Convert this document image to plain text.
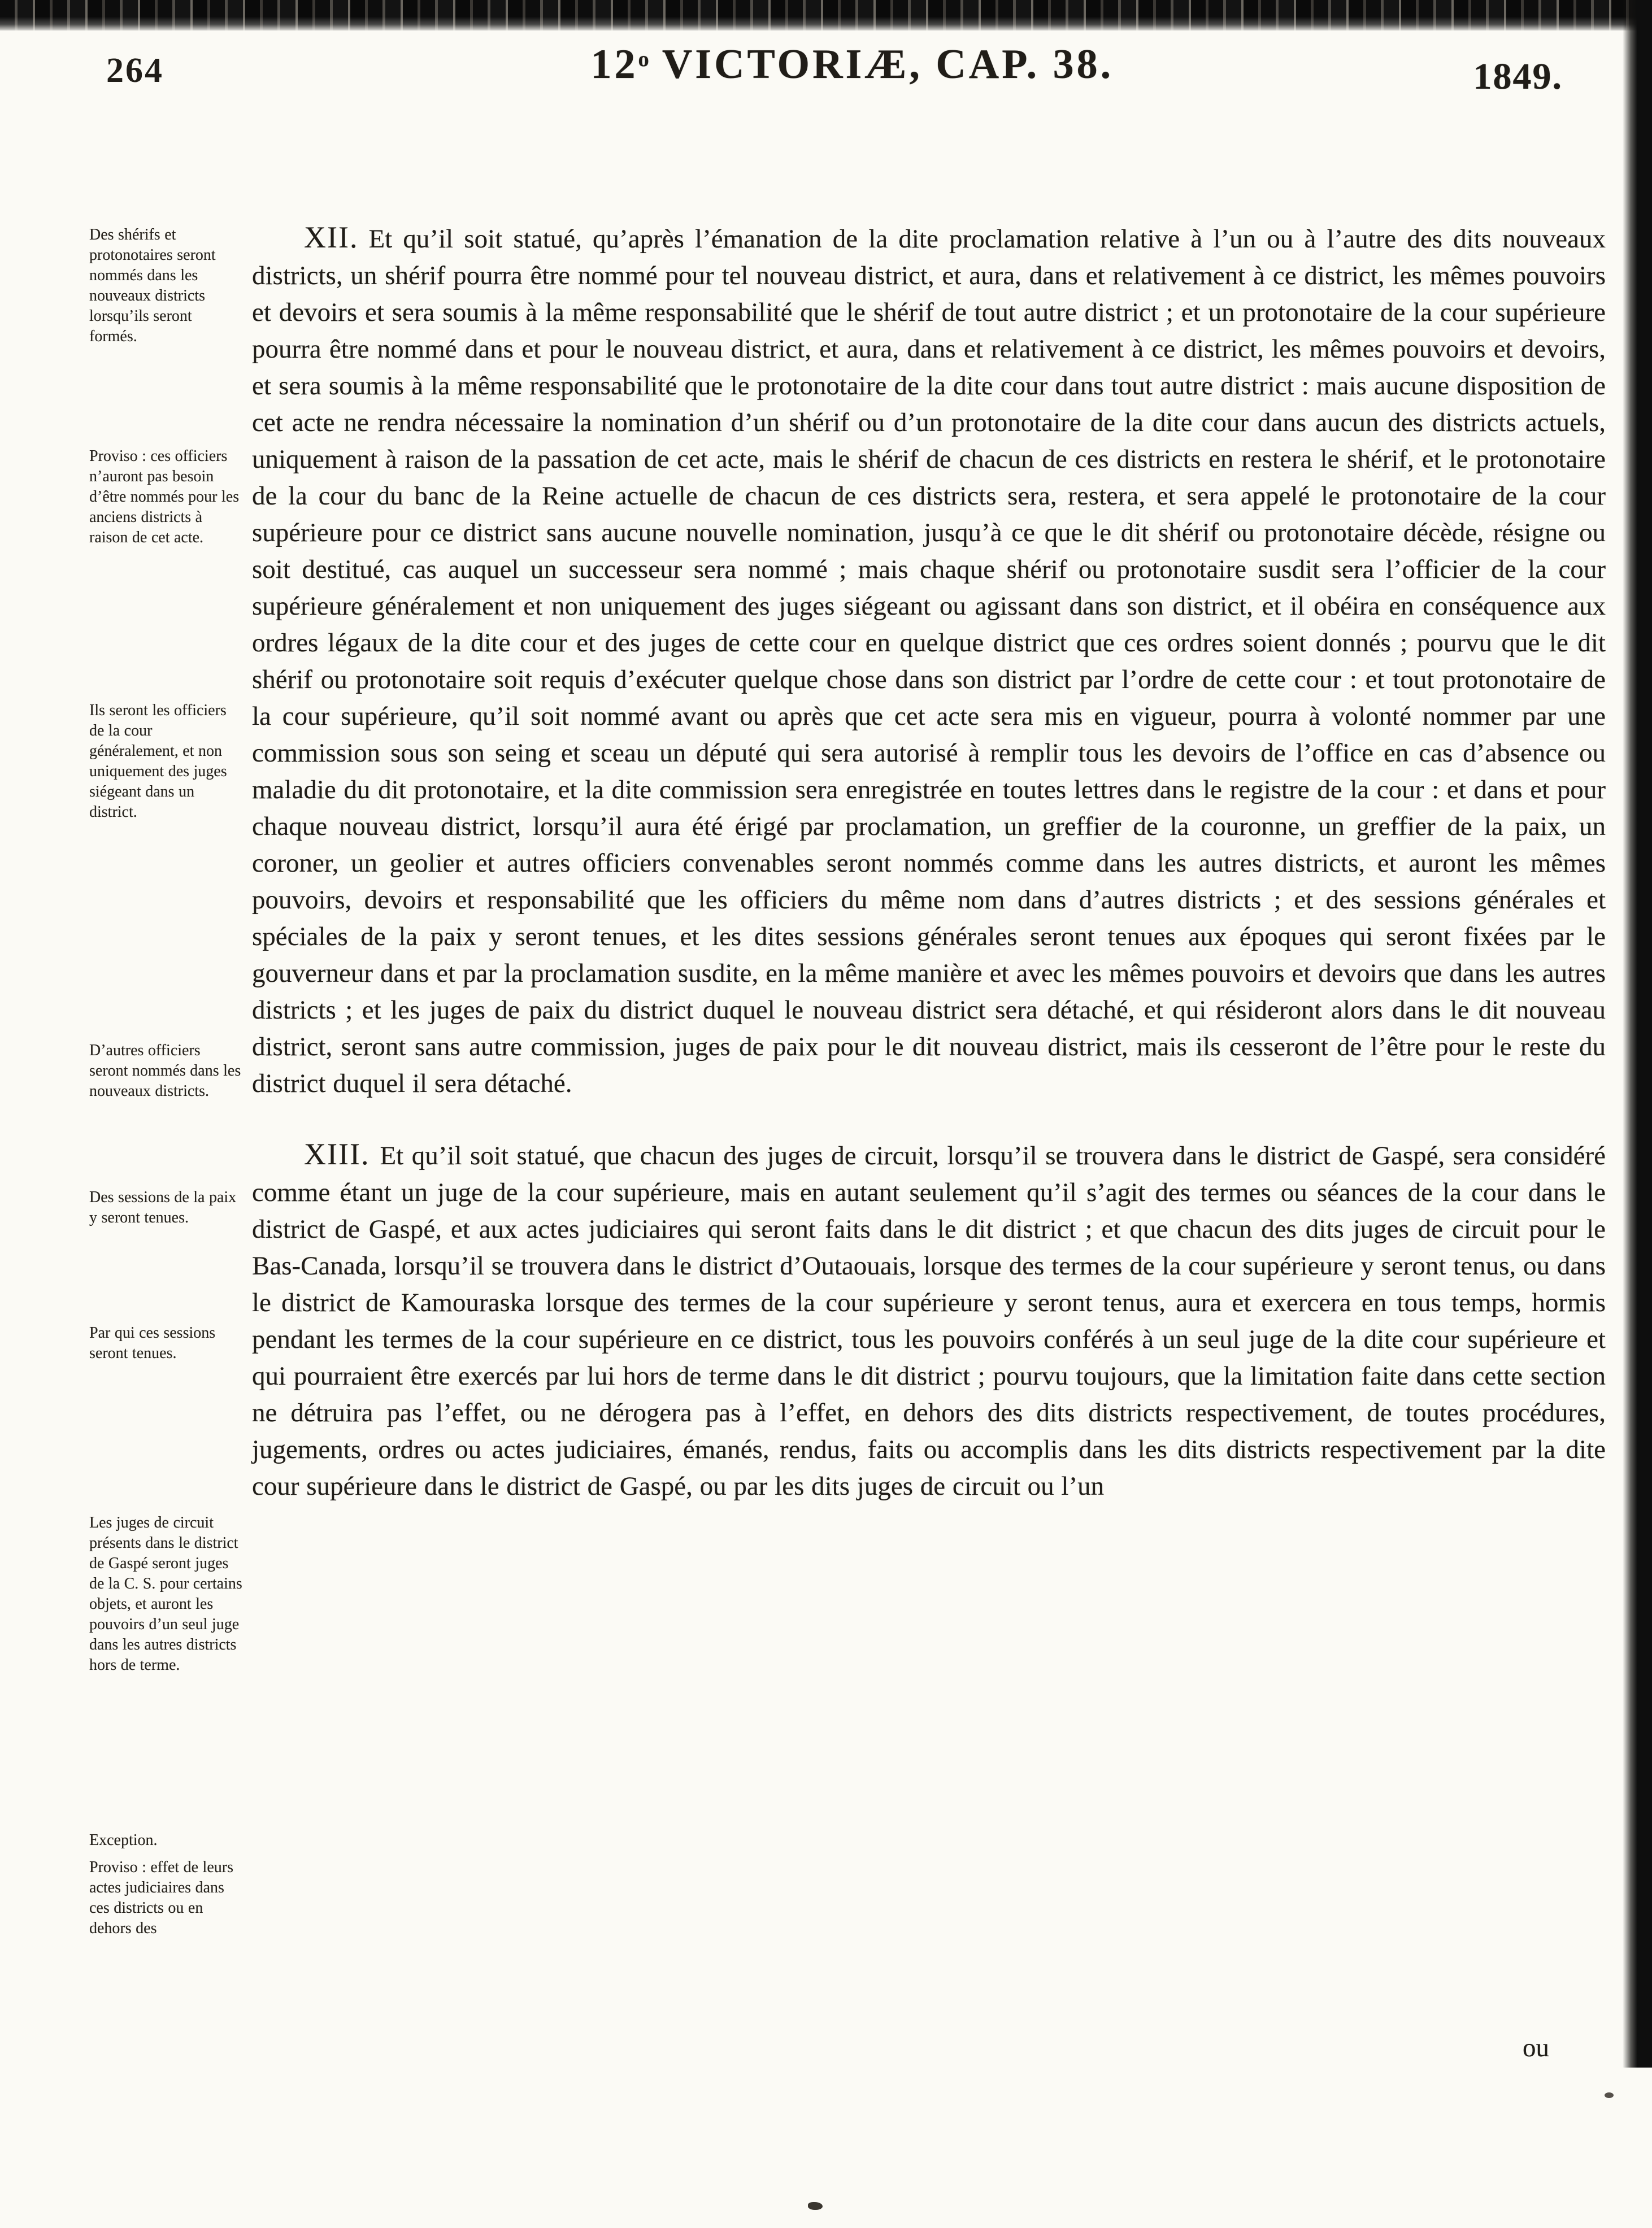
264	12$^o$ VICTORIÆ, CAP. 38.	1849.
Des shérifs et protonotaires seront nommés dans les nouveaux districts lorsqu’ils seront formés.
Proviso : ces officiers n’auront pas besoin d’être nommés pour les anciens districts à raison de cet acte.
Ils seront les officiers de la cour généralement, et non uniquement des juges siégeant dans un district.
D’autres officiers seront nommés dans les nouveaux districts.
Des sessions de la paix y seront tenues.
Par qui ces sessions seront tenues.
Les juges de circuit présents dans le district de Gaspé seront juges de la C. S. pour certains objets, et auront les pouvoirs d’un seul juge dans les autres districts hors de terme.
Exception.
Proviso : effet de leurs actes judiciaires dans ces districts ou en dehors des

XII. Et qu’il soit statué, qu’après l’émanation de la dite proclamation relative à l’un ou à l’autre des dits nouveaux districts, un shérif pourra être nommé pour tel nouveau district, et aura, dans et relativement à ce district, les mêmes pouvoirs et devoirs et sera soumis à la même responsabilité que le shérif de tout autre district ; et un protonotaire de la cour supérieure pourra être nommé dans et pour le nouveau district, et aura, dans et relativement à ce district, les mêmes pouvoirs et devoirs, et sera soumis à la même responsabilité que le protonotaire de la dite cour dans tout autre district : mais aucune disposition de cet acte ne rendra nécessaire la nomination d’un shérif ou d’un protonotaire de la dite cour dans aucun des districts actuels, uniquement à raison de la passation de cet acte, mais le shérif de chacun de ces districts en restera le shérif, et le protonotaire de la cour du banc de la Reine actuelle de chacun de ces districts sera, restera, et sera appelé le protonotaire de la cour supérieure pour ce district sans aucune nouvelle nomination, jusqu’à ce que le dit shérif ou protonotaire décède, résigne ou soit destitué, cas auquel un successeur sera nommé ; mais chaque shérif ou protonotaire susdit sera l’officier de la cour supérieure généralement et non uniquement des juges siégeant ou agissant dans son district, et il obéira en conséquence aux ordres légaux de la dite cour et des juges de cette cour en quelque district que ces ordres soient donnés ; pourvu que le dit shérif ou protonotaire soit requis d’exécuter quelque chose dans son district par l’ordre de cette cour : et tout protonotaire de la cour supérieure, qu’il soit nommé avant ou après que cet acte sera mis en vigueur, pourra à volonté nommer par une commission sous son seing et sceau un député qui sera autorisé à remplir tous les devoirs de l’office en cas d’absence ou maladie du dit protonotaire, et la dite commission sera enregistrée en toutes lettres dans le registre de la cour : et dans et pour chaque nouveau district, lorsqu’il aura été érigé par proclamation, un greffier de la couronne, un greffier de la paix, un coroner, un geolier et autres officiers convenables seront nommés comme dans les autres districts, et auront les mêmes pouvoirs, devoirs et responsabilité que les officiers du même nom dans d’autres districts ; et des sessions générales et spéciales de la paix y seront tenues, et les dites sessions générales seront tenues aux époques qui seront fixées par le gouverneur dans et par la proclamation susdite, en la même manière et avec les mêmes pouvoirs et devoirs que dans les autres districts ; et les juges de paix du district duquel le nouveau district sera détaché, et qui résideront alors dans le dit nouveau district, seront sans autre commission, juges de paix pour le dit nouveau district, mais ils cesseront de l’être pour le reste du district duquel il sera détaché.

XIII. Et qu’il soit statué, que chacun des juges de circuit, lorsqu’il se trouvera dans le district de Gaspé, sera considéré comme étant un juge de la cour supérieure, mais en autant seulement qu’il s’agit des termes ou séances de la cour dans le district de Gaspé, et aux actes judiciaires qui seront faits dans le dit district ; et que chacun des dits juges de circuit pour le Bas-Canada, lorsqu’il se trouvera dans le district d’Outaouais, lorsque des termes de la cour supérieure y seront tenus, ou dans le district de Kamouraska lorsque des termes de la cour supérieure y seront tenus, aura et exercera en tous temps, hormis pendant les termes de la cour supérieure en ce district, tous les pouvoirs conférés à un seul juge de la dite cour supérieure et qui pourraient être exercés par lui hors de terme dans le dit district ; pourvu toujours, que la limitation faite dans cette section ne détruira pas l’effet, ou ne dérogera pas à l’effet, en dehors des dits districts respectivement, de toutes procédures, jugements, ordres ou actes judiciaires, émanés, rendus, faits ou accomplis dans les dits districts respectivement par la dite cour supérieure dans le district de Gaspé, ou par les dits juges de circuit ou l’un

ou
